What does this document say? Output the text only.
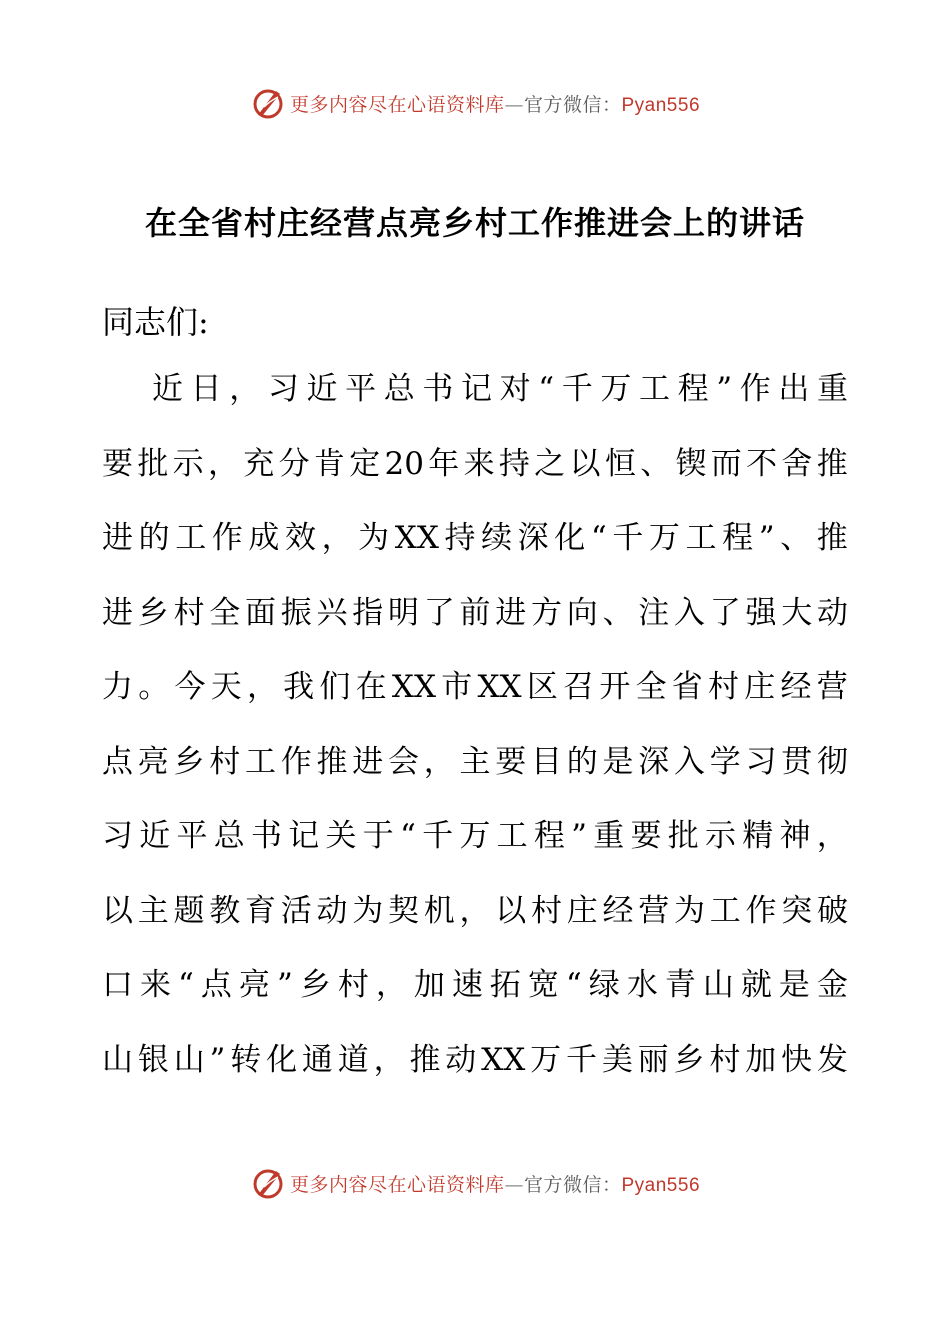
更多内容尽在心语资料库—官方微信：Pyan556
在全省村庄经营点亮乡村工作推进会上的讲话
同志们:
近 日 ， 习 近 平 总 书 记 对 “ 千 万 工 程 ” 作 出 重
要 批 示 ， 充 分 肯 定 20 年 来 持 之 以 恒 、 锲 而 不 舍 推
进 的 工 作 成 效 ， 为 XX 持 续 深 化 “ 千 万 工 程 ” 、 推
进 乡 村 全 面 振 兴 指 明 了 前 进 方 向 、 注 入 了 强 大 动
力 。 今 天 ， 我 们 在 XX 市 XX 区 召 开 全 省 村 庄 经 营
点 亮 乡 村 工 作 推 进 会 ， 主 要 目 的 是 深 入 学 习 贯 彻
习 近 平 总 书 记 关 于 “ 千 万 工 程 ” 重 要 批 示 精 神 ，
以 主 题 教 育 活 动 为 契 机 ， 以 村 庄 经 营 为 工 作 突 破
口 来 “ 点 亮 ” 乡 村 ， 加 速 拓 宽 “ 绿 水 青 山 就 是 金
山 银 山 ” 转 化 通 道 ， 推 动 XX 万 千 美 丽 乡 村 加 快 发
更多内容尽在心语资料库—官方微信：Pyan556
